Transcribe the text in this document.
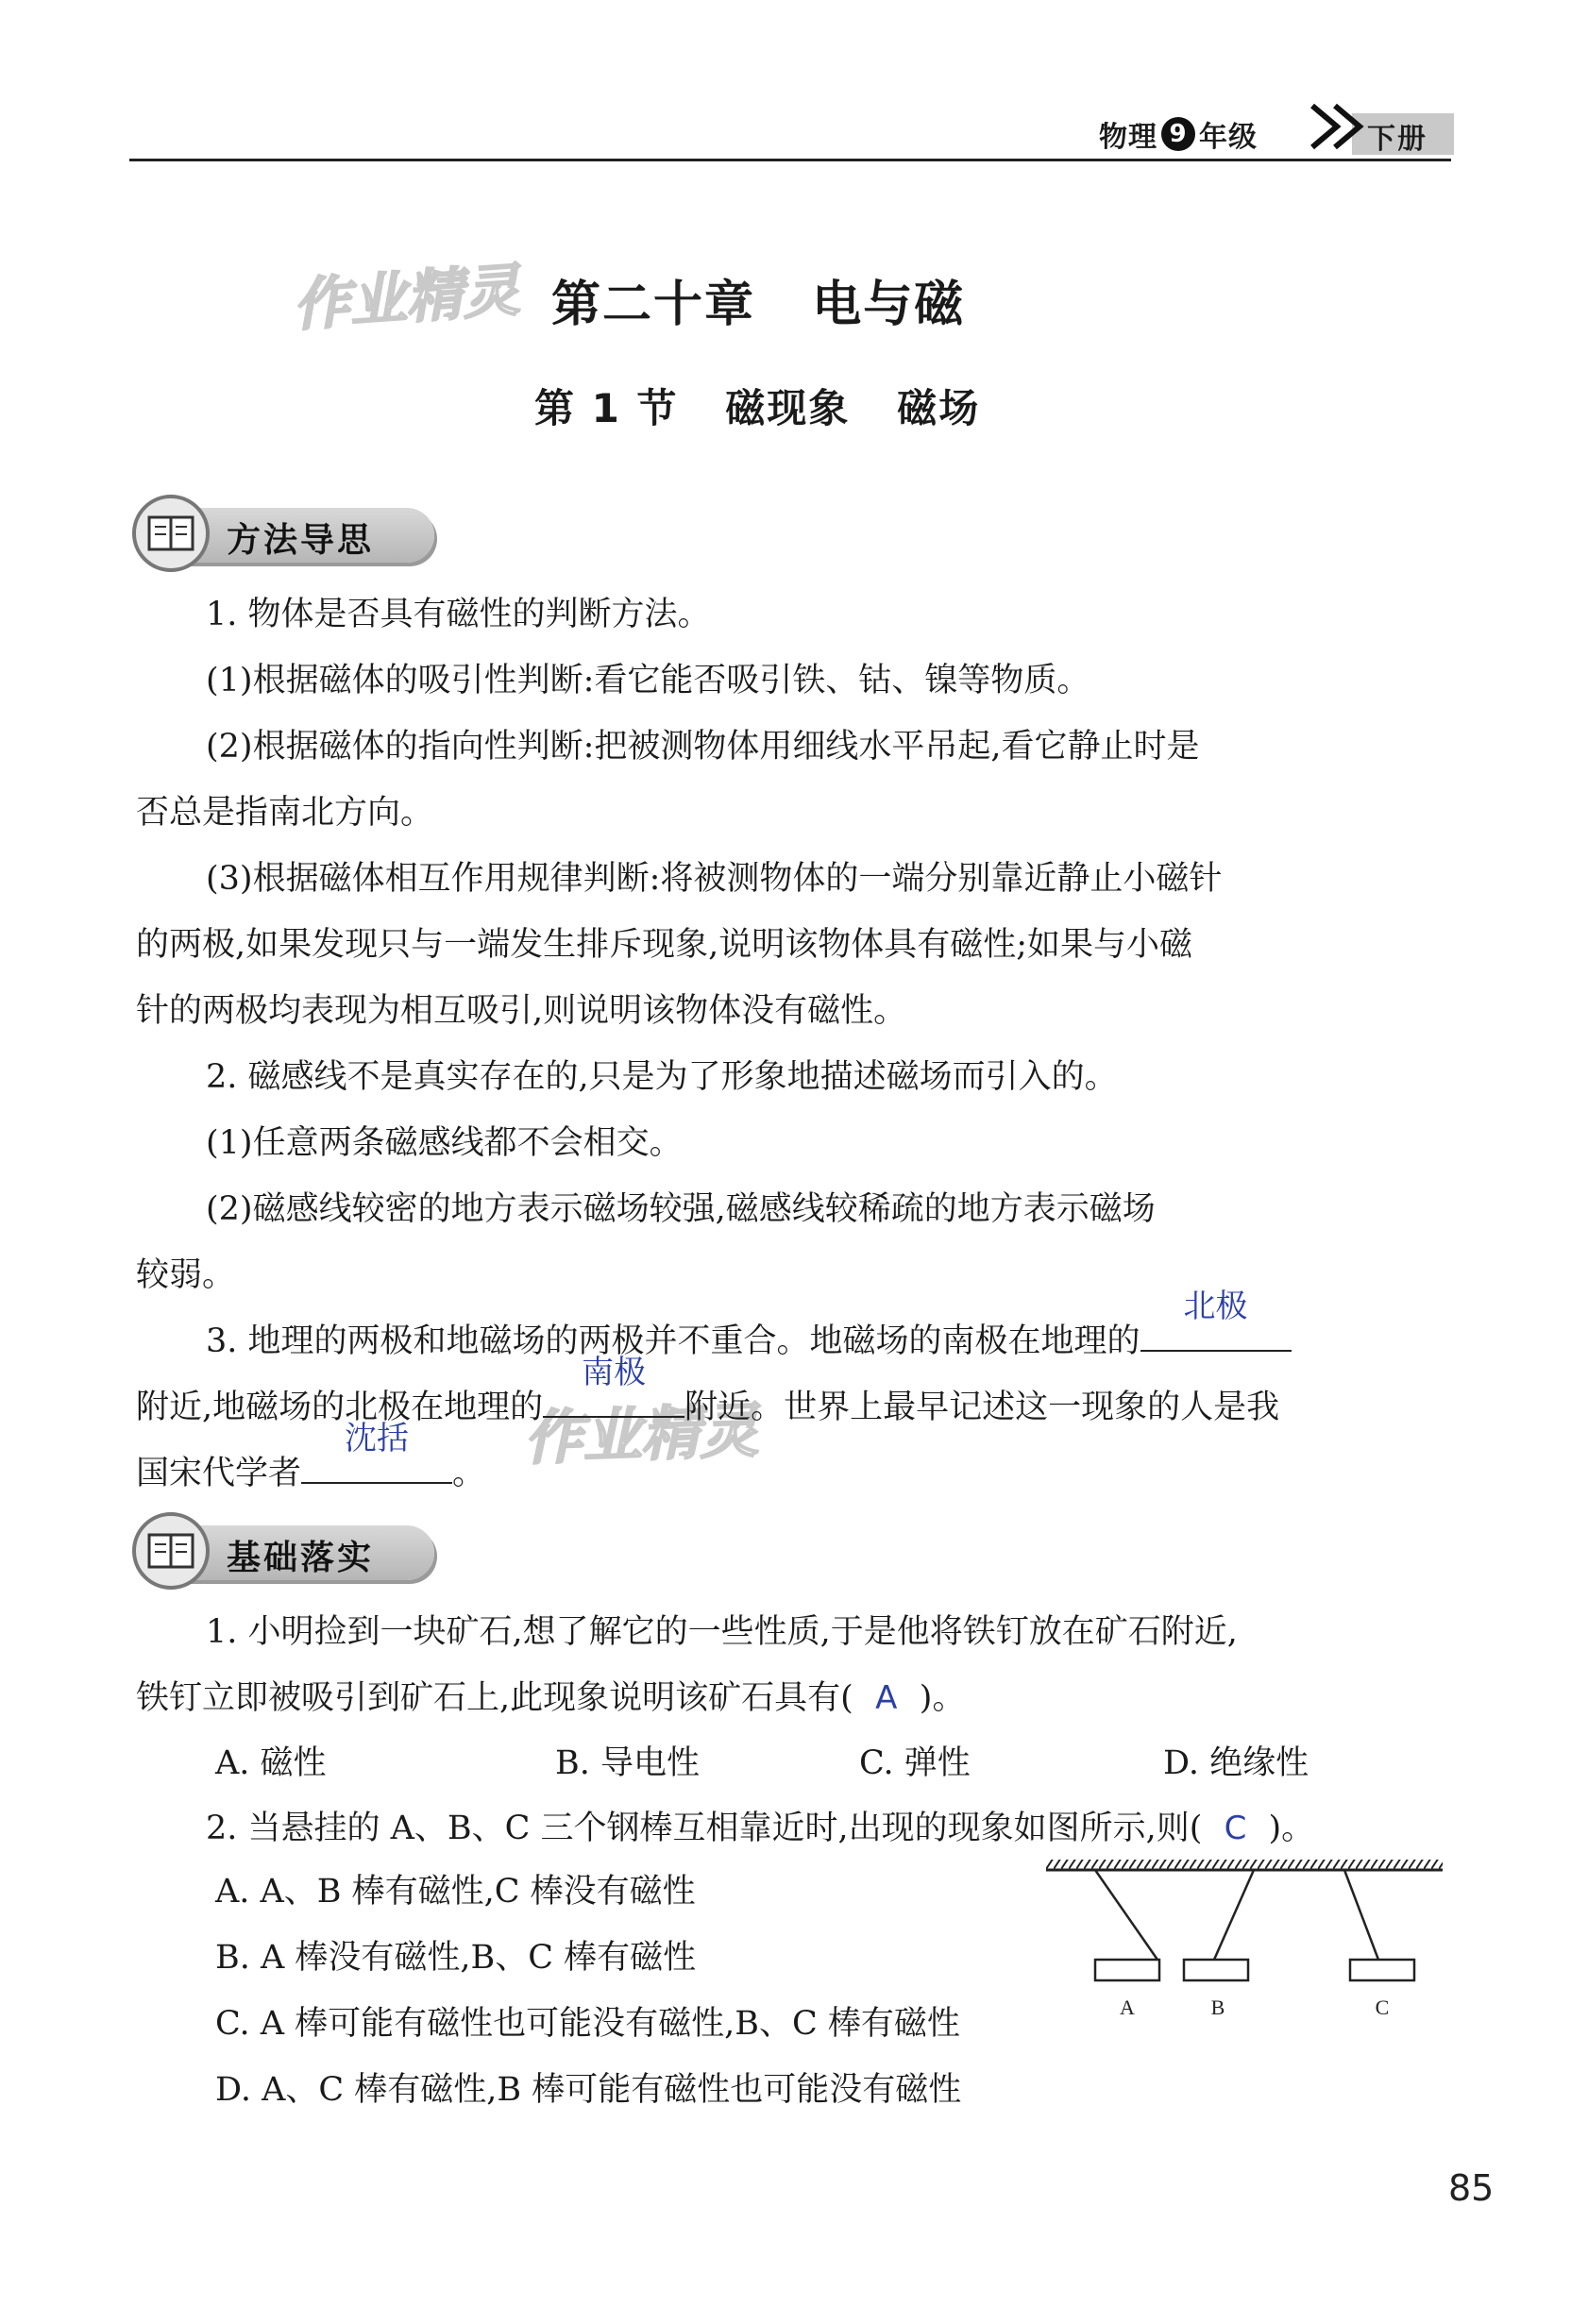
物理 9 年级	下册
作业精灵
作业精灵
第二十章   电与磁
第 1 节   磁现象   磁场
方法导思
1. 物体是否具有磁性的判断方法。
(1)根据磁体的吸引性判断:看它能否吸引铁、钴、镍等物质。
(2)根据磁体的指向性判断:把被测物体用细线水平吊起,看它静止时是
否总是指南北方向。
(3)根据磁体相互作用规律判断:将被测物体的一端分别靠近静止小磁针
的两极,如果发现只与一端发生排斥现象,说明该物体具有磁性;如果与小磁
针的两极均表现为相互吸引,则说明该物体没有磁性。
2. 磁感线不是真实存在的,只是为了形象地描述磁场而引入的。
(1)任意两条磁感线都不会相交。
(2)磁感线较密的地方表示磁场较强,磁感线较稀疏的地方表示磁场
较弱。
3. 地理的两极和地磁场的两极并不重合。地磁场的南极在地理的
北极
附近,地磁场的北极在地理的
南极
附近。世界上最早记述这一现象的人是我
国宋代学者
沈括
。
基础落实
1. 小明捡到一块矿石,想了解它的一些性质,于是他将铁钉放在矿石附近,
铁钉立即被吸引到矿石上,此现象说明该矿石具有( A )。
A. 磁性	B. 导电性	C. 弹性	D. 绝缘性
2. 当悬挂的 A、B、C 三个钢棒互相靠近时,出现的现象如图所示,则( C )。
A. A、B 棒有磁性,C 棒没有磁性
B. A 棒没有磁性,B、C 棒有磁性
C. A 棒可能有磁性也可能没有磁性,B、C 棒有磁性
D. A、C 棒有磁性,B 棒可能有磁性也可能没有磁性
A	B	C
85
